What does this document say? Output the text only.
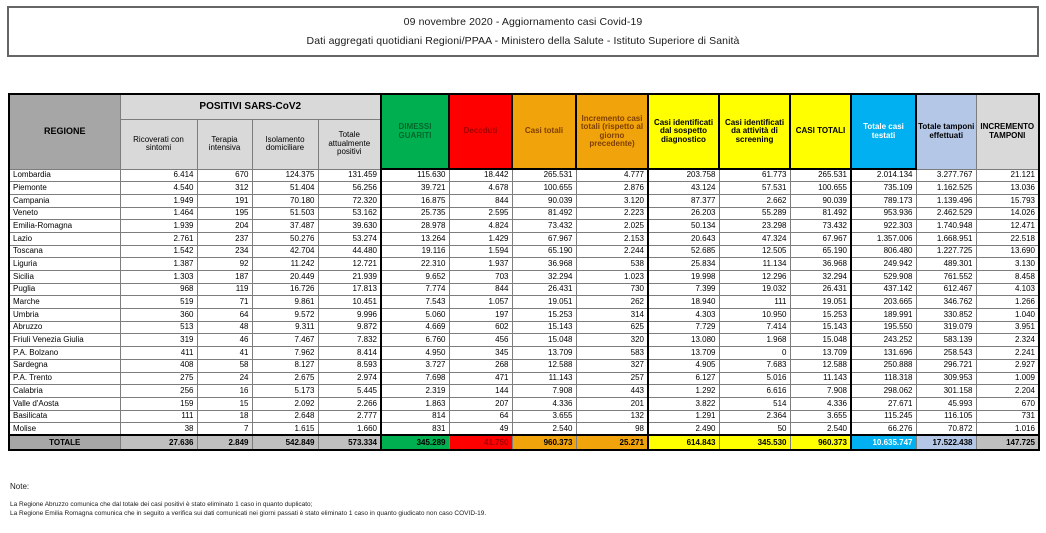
09 novembre 2020 - Aggiornamento casi Covid-19
Dati aggregati quotidiani Regioni/PPAA - Ministero della Salute - Istituto Superiore di Sanità
REGIONE	POSITIVI SARS-CoV2				DIMESSI GUARITI	Deceduti	Casi totali	Incremento casi totali (rispetto al giorno precedente)	Casi identificati dal sospetto diagnostico	Casi identificati da attività di screening	CASI TOTALI	Totale casi testati	Totale tamponi effettuati	INCREMENTO TAMPONI
	Ricoverati con sintomi	Terapia intensiva	Isolamento domiciliare	Totale attualmente positivi										
Lombardia	6.414	670	124.375	131.459	115.630	18.442	265.531	4.777	203.758	61.773	265.531	2.014.134	3.277.767	21.121
Piemonte	4.540	312	51.404	56.256	39.721	4.678	100.655	2.876	43.124	57.531	100.655	735.109	1.162.525	13.036
Campania	1.949	191	70.180	72.320	16.875	844	90.039	3.120	87.377	2.662	90.039	789.173	1.139.496	15.793
Veneto	1.464	195	51.503	53.162	25.735	2.595	81.492	2.223	26.203	55.289	81.492	953.936	2.462.529	14.026
Emilia-Romagna	1.939	204	37.487	39.630	28.978	4.824	73.432	2.025	50.134	23.298	73.432	922.303	1.740.948	12.471
Lazio	2.761	237	50.276	53.274	13.264	1.429	67.967	2.153	20.643	47.324	67.967	1.357.006	1.668.951	22.518
Toscana	1.542	234	42.704	44.480	19.116	1.594	65.190	2.244	52.685	12.505	65.190	806.480	1.227.725	13.690
Liguria	1.387	92	11.242	12.721	22.310	1.937	36.968	538	25.834	11.134	36.968	249.942	489.301	3.130
Sicilia	1.303	187	20.449	21.939	9.652	703	32.294	1.023	19.998	12.296	32.294	529.908	761.552	8.458
Puglia	968	119	16.726	17.813	7.774	844	26.431	730	7.399	19.032	26.431	437.142	612.467	4.103
Marche	519	71	9.861	10.451	7.543	1.057	19.051	262	18.940	111	19.051	203.665	346.762	1.266
Umbria	360	64	9.572	9.996	5.060	197	15.253	314	4.303	10.950	15.253	189.991	330.852	1.040
Abruzzo	513	48	9.311	9.872	4.669	602	15.143	625	7.729	7.414	15.143	195.550	319.079	3.951
Friuli Venezia Giulia	319	46	7.467	7.832	6.760	456	15.048	320	13.080	1.968	15.048	243.252	583.139	2.324
P.A. Bolzano	411	41	7.962	8.414	4.950	345	13.709	583	13.709	0	13.709	131.696	258.543	2.241
Sardegna	408	58	8.127	8.593	3.727	268	12.588	327	4.905	7.683	12.588	250.888	296.721	2.927
P.A. Trento	275	24	2.675	2.974	7.698	471	11.143	257	6.127	5.016	11.143	118.318	309.953	1.009
Calabria	256	16	5.173	5.445	2.319	144	7.908	443	1.292	6.616	7.908	298.062	301.158	2.204
Valle d'Aosta	159	15	2.092	2.266	1.863	207	4.336	201	3.822	514	4.336	27.671	45.993	670
Basilicata	111	18	2.648	2.777	814	64	3.655	132	1.291	2.364	3.655	115.245	116.105	731
Molise	38	7	1.615	1.660	831	49	2.540	98	2.490	50	2.540	66.276	70.872	1.016
TOTALE	27.636	2.849	542.849	573.334	345.289	41.750	960.373	25.271	614.843	345.530	960.373	10.635.747	17.522.438	147.725
Note:
La Regione Abruzzo comunica che dal totale dei casi positivi è stato eliminato 1 caso in quanto duplicato;
La Regione Emilia Romagna comunica che in seguito a verifica sui dati comunicati nei giorni passati è stato eliminato 1 caso in quanto giudicato non caso COVID-19.
